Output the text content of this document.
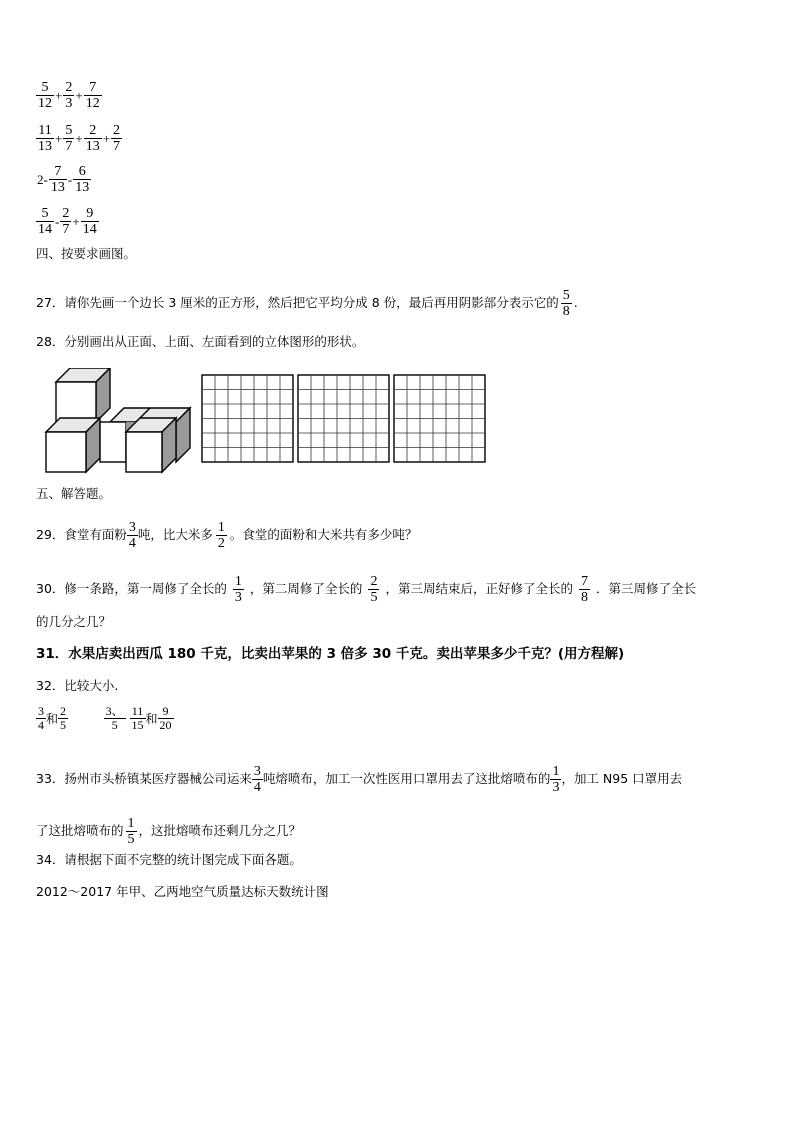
$\frac{5}{12} + \frac{2}{3} + \frac{7}{12}$
$\frac{11}{13} + \frac{5}{7} + \frac{2}{13} + \frac{2}{7}$
$2- \frac{7}{13} - \frac{6}{13}$
$\frac{5}{14} - \frac{2}{7} + \frac{9}{14}$
四、按要求画图。
27．请你先画一个边长 3 厘米的正方形，然后把它平均分成 8 份，最后再用阴影部分表示它的 $\frac{5}{8}$ .
28．分别画出从正面、上面、左面看到的立体图形的形状。
五、解答题。
29．食堂有面粉 $\frac{3}{4}$ 吨，比大米多 $\frac{1}{2}$ 。食堂的面粉和大米共有多少吨？
30．修一条路，第一周修了全长的 $\frac{1}{3}$ ，第二周修了全长的 $\frac{2}{5}$ ，第三周结束后，正好修了全长的 $\frac{7}{8}$ ．第三周修了全长
的几分之几？
31．水果店卖出西瓜 180 千克，比卖出苹果的 3 倍多 30 千克。卖出苹果多少千克？(用方程解)
32．比较大小.
$\frac{3}{4}$ 和 $\frac{2}{5}$
	$\frac{3、}{5}$
$\frac{11}{15}$ 和 $\frac{9}{20}$
33．扬州市头桥镇某医疗器械公司运来 $\frac{3}{4}$ 吨熔喷布，加工一次性医用口罩用去了这批熔喷布的 $\frac{1}{3}$ ，加工 N95 口罩用去
了这批熔喷布的 $\frac{1}{5}$ ，这批熔喷布还剩几分之几？
34．请根据下面不完整的统计图完成下面各题。
2012～2017 年甲、乙两地空气质量达标天数统计图
